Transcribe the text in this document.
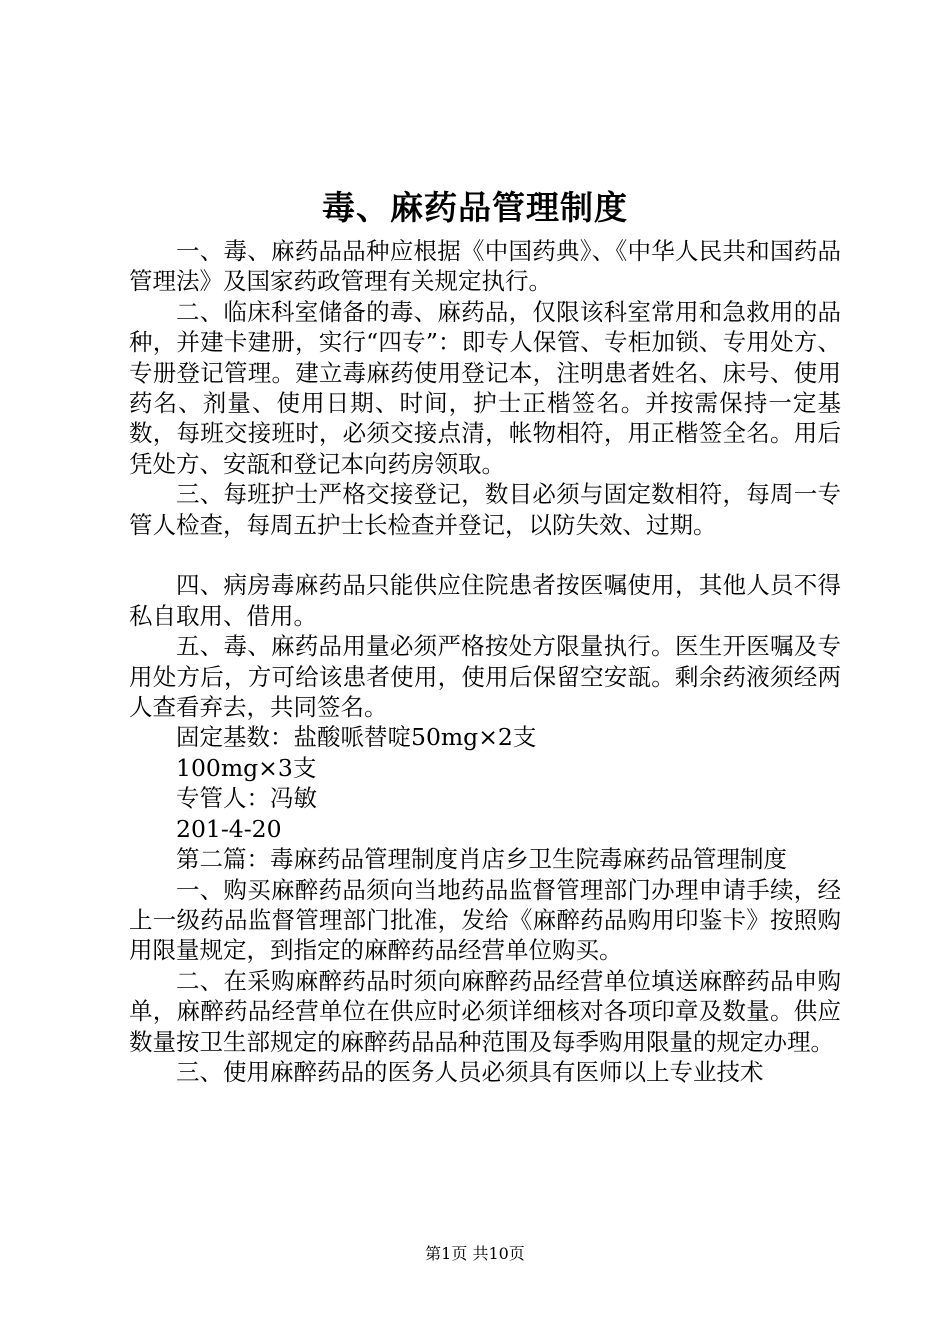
毒、麻药品管理制度

一、毒、麻药品品种应根据《中国药典》、《中华人民共和国药品管理法》及国家药政管理有关规定执行。

二、临床科室储备的毒、麻药品，仅限该科室常用和急救用的品种，并建卡建册，实行“四专”：即专人保管、专柜加锁、专用处方、专册登记管理。建立毒麻药使用登记本，注明患者姓名、床号、使用药名、剂量、使用日期、时间，护士正楷签名。并按需保持一定基数，每班交接班时，必须交接点清，帐物相符，用正楷签全名。用后凭处方、安瓿和登记本向药房领取。

三、每班护士严格交接登记，数目必须与固定数相符，每周一专管人检查，每周五护士长检查并登记，以防失效、过期。

四、病房毒麻药品只能供应住院患者按医嘱使用，其他人员不得私自取用、借用。

五、毒、麻药品用量必须严格按处方限量执行。医生开医嘱及专用处方后，方可给该患者使用，使用后保留空安瓿。剩余药液须经两人查看弃去，共同签名。

固定基数：盐酸哌替啶50mg×2支

100mg×3支

专管人：冯敏

201-4-20

第二篇：毒麻药品管理制度肖店乡卫生院毒麻药品管理制度

一、购买麻醉药品须向当地药品监督管理部门办理申请手续，经上一级药品监督管理部门批准，发给《麻醉药品购用印鉴卡》按照购用限量规定，到指定的麻醉药品经营单位购买。

二、在采购麻醉药品时须向麻醉药品经营单位填送麻醉药品申购单，麻醉药品经营单位在供应时必须详细核对各项印章及数量。供应数量按卫生部规定的麻醉药品品种范围及每季购用限量的规定办理。

三、使用麻醉药品的医务人员必须具有医师以上专业技术

第1页 共10页
